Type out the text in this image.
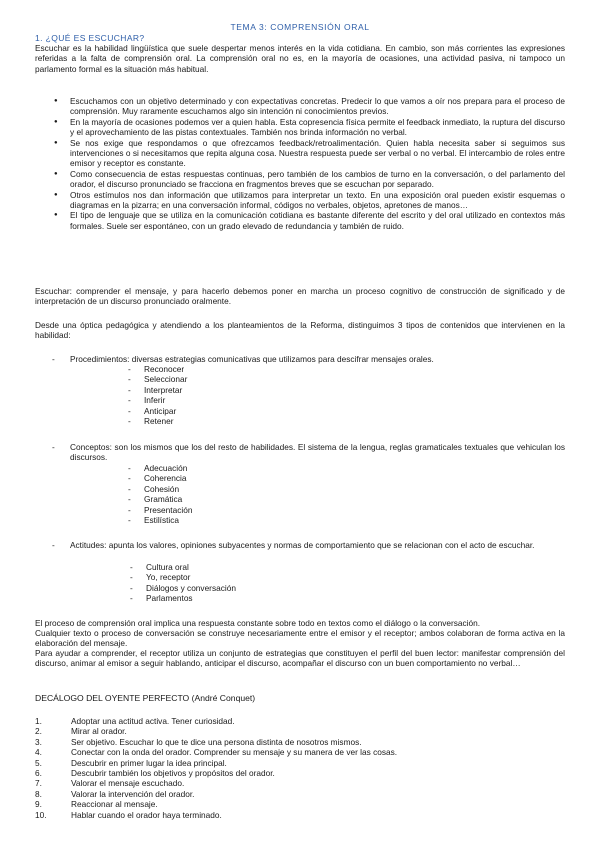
TEMA 3: COMPRENSIÓN ORAL
1. ¿QUÉ ES ESCUCHAR?
Escuchar es la habilidad lingüística que suele despertar menos interés en la vida cotidiana. En cambio, son más corrientes las expresiones referidas a la falta de comprensión oral. La comprensión oral no es, en la mayoría de ocasiones, una actividad pasiva, ni tampoco un parlamento formal es la situación más habitual.
● Escuchamos con un objetivo determinado y con expectativas concretas. Predecir lo que vamos a oír nos prepara para el proceso de comprensión. Muy raramente escuchamos algo sin intención ni conocimientos previos.
● En la mayoría de ocasiones podemos ver a quien habla. Esta copresencia física permite el feedback inmediato, la ruptura del discurso y el aprovechamiento de las pistas contextuales. También nos brinda información no verbal.
● Se nos exige que respondamos o que ofrezcamos feedback/retroalimentación. Quien habla necesita saber si seguimos sus intervenciones o si necesitamos que repita alguna cosa. Nuestra respuesta puede ser verbal o no verbal. El intercambio de roles entre emisor y receptor es constante.
● Como consecuencia de estas respuestas continuas, pero también de los cambios de turno en la conversación, o del parlamento del orador, el discurso pronunciado se fracciona en fragmentos breves que se escuchan por separado.
● Otros estímulos nos dan información que utilizamos para interpretar un texto. En una exposición oral pueden existir esquemas o diagramas en la pizarra; en una conversación informal, códigos no verbales, objetos, apretones de manos…
● El tipo de lenguaje que se utiliza en la comunicación cotidiana es bastante diferente del escrito y del oral utilizado en contextos más formales. Suele ser espontáneo, con un grado elevado de redundancia y también de ruido.
Escuchar: comprender el mensaje, y para hacerlo debemos poner en marcha un proceso cognitivo de construcción de significado y de interpretación de un discurso pronunciado oralmente.
Desde una óptica pedagógica y atendiendo a los planteamientos de la Reforma, distinguimos 3 tipos de contenidos que intervienen en la habilidad:
- Procedimientos: diversas estrategias comunicativas que utilizamos para descifrar mensajes orales.
- Reconocer
- Seleccionar
- Interpretar
- Inferir
- Anticipar
- Retener
- Conceptos: son los mismos que los del resto de habilidades. El sistema de la lengua, reglas gramaticales textuales que vehiculan los discursos.
- Adecuación
- Coherencia
- Cohesión
- Gramática
- Presentación
- Estilística
- Actitudes: apunta los valores, opiniones subyacentes y normas de comportamiento que se relacionan con el acto de escuchar.
- Cultura oral
- Yo, receptor
- Diálogos y conversación
- Parlamentos
El proceso de comprensión oral implica una respuesta constante sobre todo en textos como el diálogo o la conversación.
Cualquier texto o proceso de conversación se construye necesariamente entre el emisor y el receptor; ambos colaboran de forma activa en la elaboración del mensaje.
Para ayudar a comprender, el receptor utiliza un conjunto de estrategias que constituyen el perfil del buen lector: manifestar comprensión del discurso, animar al emisor a seguir hablando, anticipar el discurso, acompañar el discurso con un buen comportamiento no verbal…
DECÁLOGO DEL OYENTE PERFECTO (André Conquet)
1.	Adoptar una actitud activa. Tener curiosidad.
2.	Mirar al orador.
3.	Ser objetivo. Escuchar lo que te dice una persona distinta de nosotros mismos.
4.	Conectar con la onda del orador. Comprender su mensaje y su manera de ver las cosas.
5.	Descubrir en primer lugar la idea principal.
6.	Descubrir también los objetivos y propósitos del orador.
7.	Valorar el mensaje escuchado.
8.	Valorar la intervención del orador.
9.	Reaccionar al mensaje.
10.	Hablar cuando el orador haya terminado.
